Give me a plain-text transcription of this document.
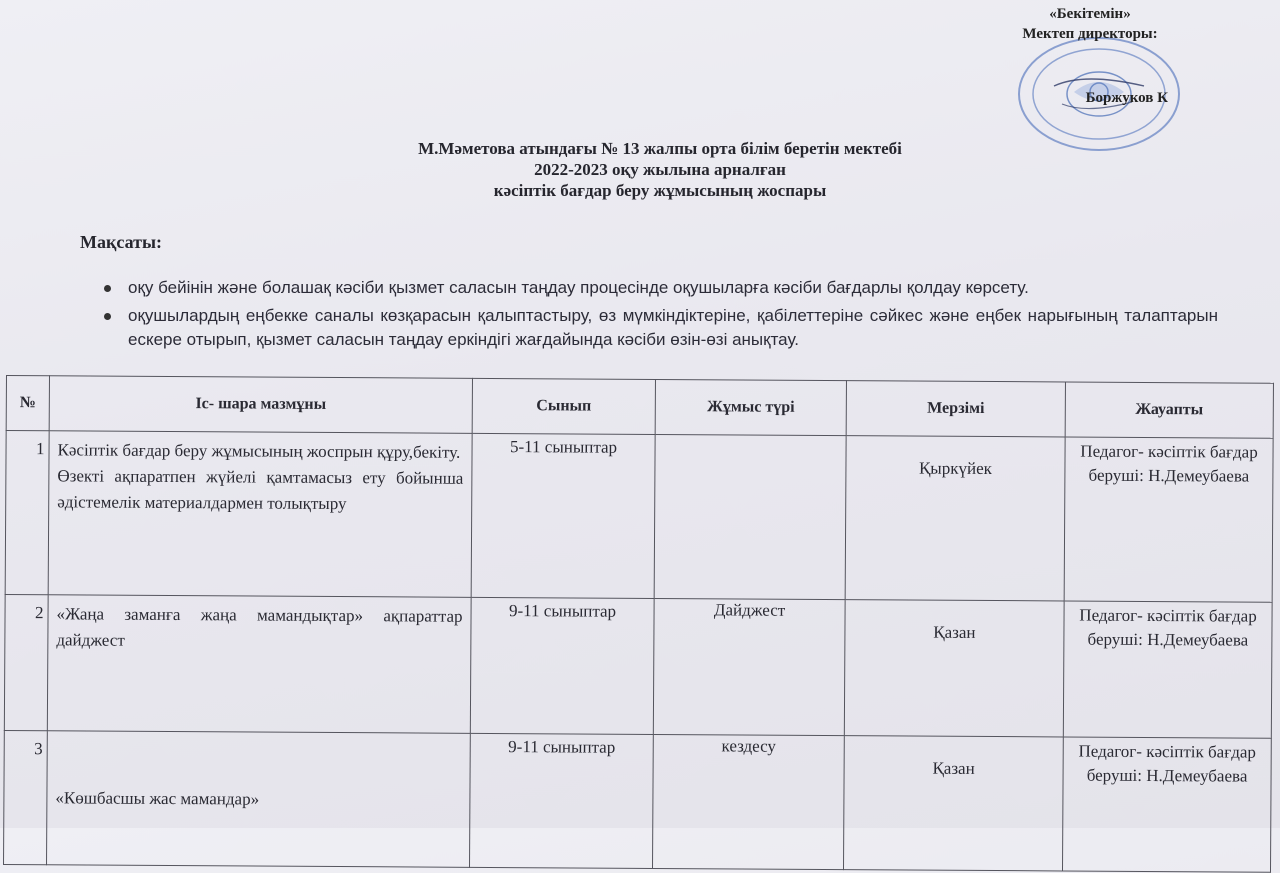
«Бекітемін»
Мектеп директоры:
Боржуков К
М.Мәметова атындағы № 13 жалпы орта білім беретін мектебі
2022-2023 оқу жылына арналған
кәсіптік бағдар беру жұмысының жоспары
Мақсаты:
оқу бейінін және болашақ кәсіби қызмет саласын таңдау процесінде оқушыларға кәсіби бағдарлы қолдау көрсету.
оқушылардың еңбекке саналы көзқарасын қалыптастыру, өз мүмкіндіктеріне, қабілеттеріне сәйкес және еңбек нарығының талаптарын ескере отырып, қызмет саласын таңдау еркіндігі жағдайында кәсіби өзін-өзі анықтау.
№	Іс- шара мазмұны	Сынып	Жұмыс түрі	Мерзімі	Жауапты
1	Кәсіптік бағдар беру жұмысының жоспрын құру,бекіту.
Өзекті ақпаратпен жүйелі қамтамасыз ету бойынша әдістемелік материалдармен толықтыру	5-11 сыныптар		Қыркүйек	Педагог- кәсіптік бағдар беруші: Н.Демеубаева
2	«Жаңа заманға жаңа мамандықтар» ақпараттар дайджест	9-11 сыныптар	Дайджест	Қазан	Педагог- кәсіптік бағдар беруші: Н.Демеубаева
3	«Көшбасшы жас мамандар»	9-11 сыныптар	кездесу	Қазан	Педагог- кәсіптік бағдар беруші: Н.Демеубаева
